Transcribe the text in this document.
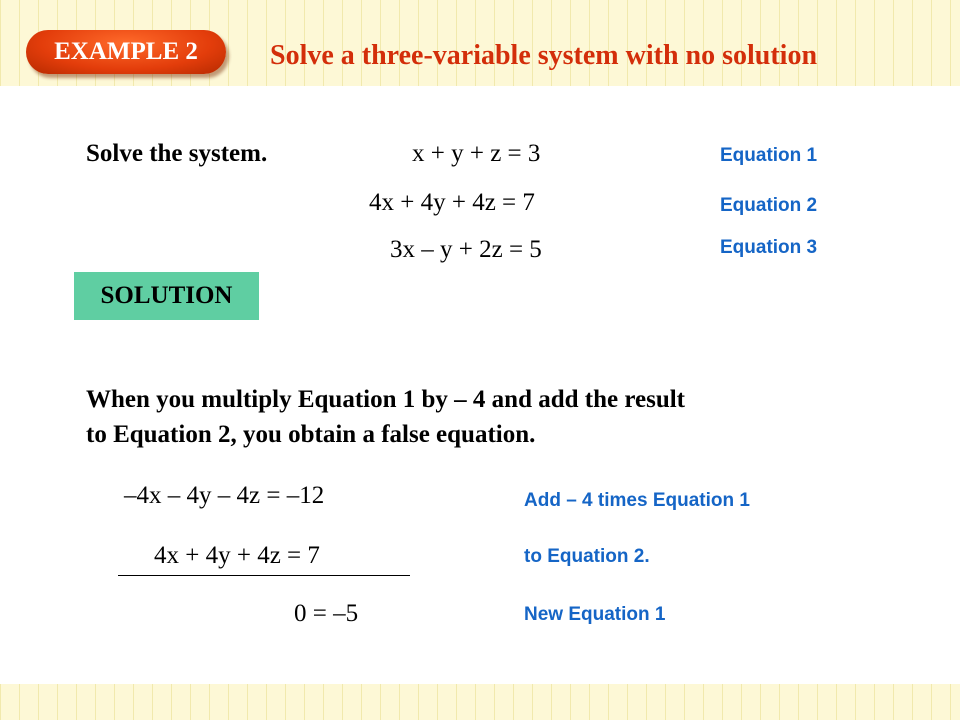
EXAMPLE 2	Solve a three-variable system with no solution
Solve the system.	x + y + z = 3
4x + 4y + 4z = 7
3x – y + 2z = 5
Equation 1
Equation 2
Equation 3
SOLUTION
When you multiply Equation 1 by – 4 and add the result
to Equation 2, you obtain a false equation.
–4x – 4y – 4z = –12
4x + 4y + 4z = 7
0 = –5
Add – 4 times Equation 1
to Equation 2.
New Equation 1
